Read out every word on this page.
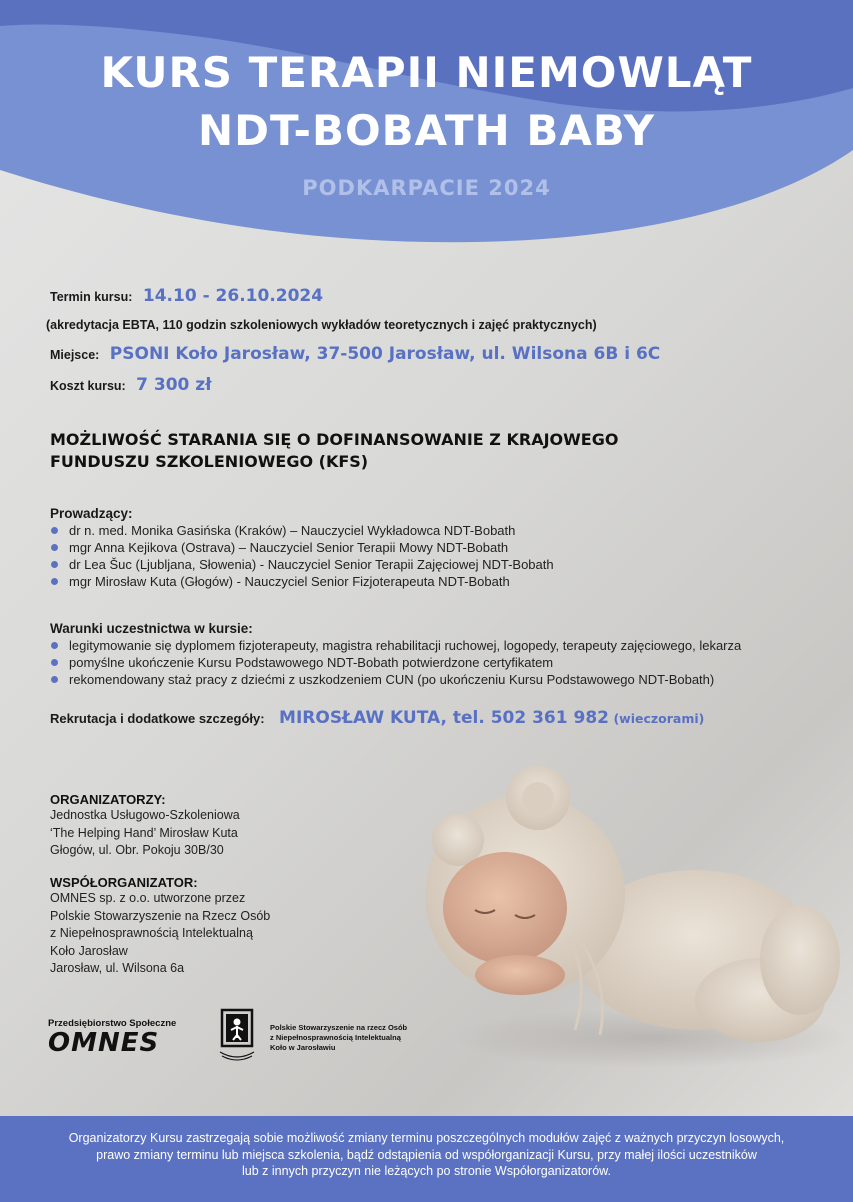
KURS TERAPII NIEMOWLĄT
NDT-BOBATH BABY
PODKARPACIE 2024
Termin kursu: 14.10 - 26.10.2024
(akredytacja EBTA, 110 godzin szkoleniowych wykładów teoretycznych i zajęć praktycznych)
Miejsce: PSONI Koło Jarosław, 37-500 Jarosław, ul. Wilsona 6B i 6C
Koszt kursu: 7 300 zł
MOŻLIWOŚĆ STARANIA SIĘ O DOFINANSOWANIE Z KRAJOWEGO
FUNDUSZU SZKOLENIOWEGO (KFS)
Prowadzący:
dr n. med. Monika Gasińska (Kraków) – Nauczyciel Wykładowca NDT-Bobath
mgr Anna Kejikova (Ostrava) – Nauczyciel Senior Terapii Mowy NDT-Bobath
dr Lea Šuc (Ljubljana, Słowenia) - Nauczyciel Senior Terapii Zajęciowej NDT-Bobath
mgr Mirosław Kuta (Głogów) - Nauczyciel Senior Fizjoterapeuta NDT-Bobath
Warunki uczestnictwa w kursie:
legitymowanie się dyplomem fizjoterapeuty, magistra rehabilitacji ruchowej, logopedy, terapeuty zajęciowego, lekarza
pomyślne ukończenie Kursu Podstawowego NDT-Bobath potwierdzone certyfikatem
rekomendowany staż pracy z dziećmi z uszkodzeniem CUN (po ukończeniu Kursu Podstawowego NDT-Bobath)
Rekrutacja i dodatkowe szczegóły: MIROSŁAW KUTA, tel. 502 361 982 (wieczorami)
ORGANIZATORZY:
Jednostka Usługowo-Szkoleniowa
‘The Helping Hand’ Mirosław Kuta
Głogów, ul. Obr. Pokoju 30B/30
WSPÓŁORGANIZATOR:
OMNES sp. z o.o. utworzone przez
Polskie Stowarzyszenie na Rzecz Osób
z Niepełnosprawnością Intelektualną
Koło Jarosław
Jarosław, ul. Wilsona 6a
Przedsiębiorstwo Społeczne
OMNES
Polskie Stowarzyszenie na rzecz Osób
z Niepełnosprawnością Intelektualną
Koło w Jarosławiu
Organizatorzy Kursu zastrzegają sobie możliwość zmiany terminu poszczególnych modułów zajęć z ważnych przyczyn losowych,
prawo zmiany terminu lub miejsca szkolenia, bądź odstąpienia od współorganizacji Kursu, przy małej ilości uczestników
lub z innych przyczyn nie leżących po stronie Współorganizatorów.
